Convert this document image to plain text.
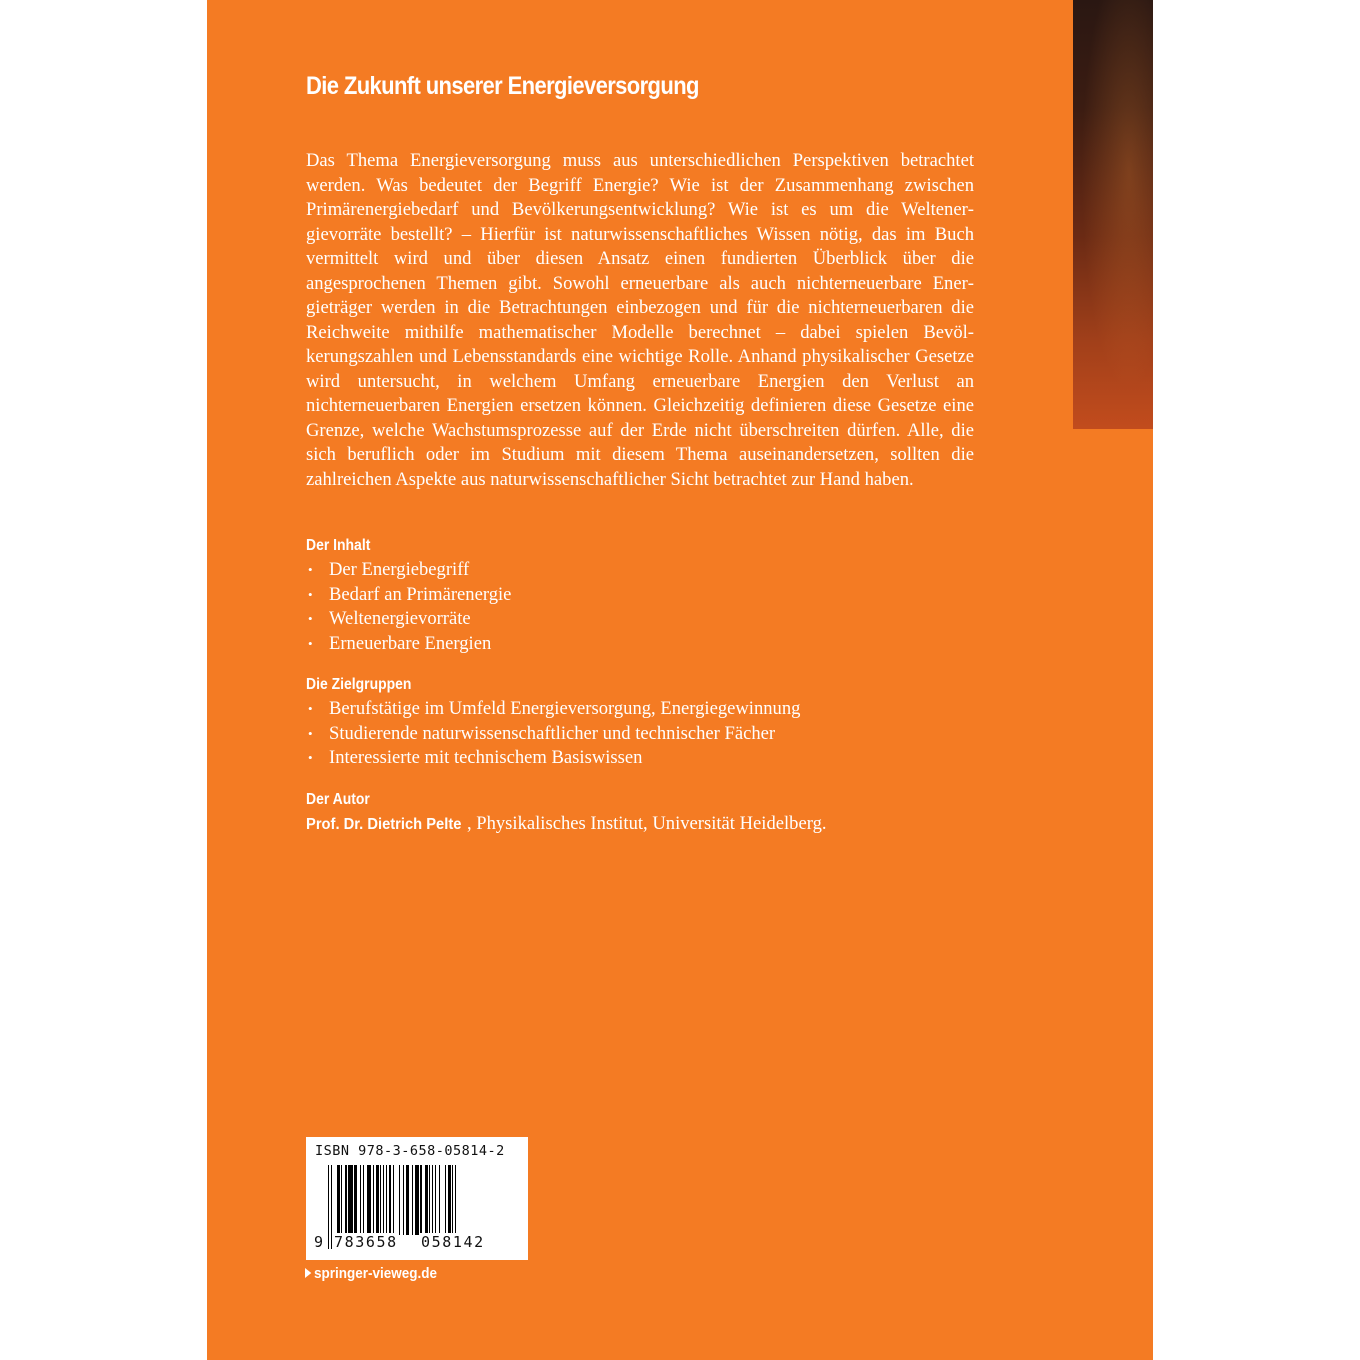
Die Zukunft unserer Energieversorgung

Das Thema Energieversorgung muss aus unterschiedlichen Perspektiven betrachtet werden. Was bedeutet der Begriff Energie? Wie ist der Zusammenhang zwischen Primärenergiebedarf und Bevölkerungsentwicklung? Wie ist es um die Weltenergievorräte bestellt? – Hierfür ist naturwissenschaftliches Wissen nötig, das im Buch vermittelt wird und über diesen Ansatz einen fundierten Überblick über die angesprochenen Themen gibt. Sowohl erneuerbare als auch nichterneuerbare Energieträger werden in die Betrachtungen einbezogen und für die nichterneuerbaren die Reichweite mithilfe mathematischer Modelle berechnet – dabei spielen Bevölkerungszahlen und Lebensstandards eine wichtige Rolle. Anhand physikalischer Gesetze wird untersucht, in welchem Umfang erneuerbare Energien den Verlust an nichterneuerbaren Energien ersetzen können. Gleichzeitig definieren diese Gesetze eine Grenze, welche Wachstumsprozesse auf der Erde nicht überschreiten dürfen. Alle, die sich beruflich oder im Studium mit diesem Thema auseinandersetzen, sollten die zahlreichen Aspekte aus naturwissenschaftlicher Sicht betrachtet zur Hand haben.

Der Inhalt
• Der Energiebegriff
• Bedarf an Primärenergie
• Weltenergievorräte
• Erneuerbare Energien
Die Zielgruppen
• Berufstätige im Umfeld Energieversorgung, Energiegewinnung
• Studierende naturwissenschaftlicher und technischer Fächer
• Interessierte mit technischem Basiswissen
Der Autor
Prof. Dr. Dietrich Pelte , Physikalisches Institut, Universität Heidelberg.
ISBN 978-3-658-05814-2
9 783658 058142
springer-vieweg.de
